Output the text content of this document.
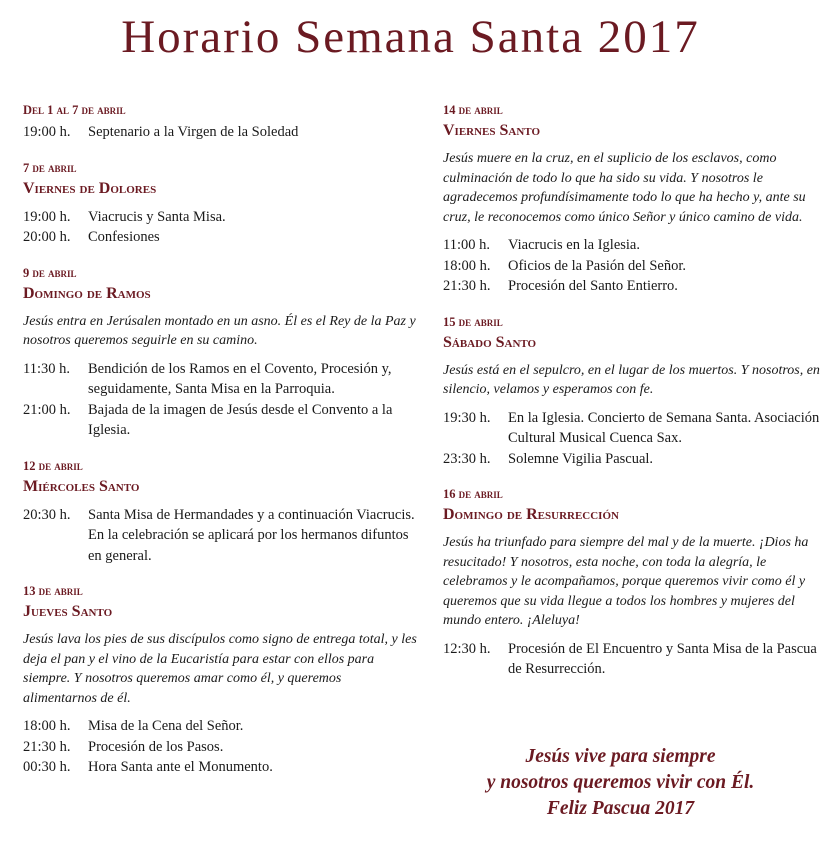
Horario Semana Santa 2017
Del 1 al 7 de abril
19:00 h.	Septenario a la Virgen de la Soledad
7 de abril
Viernes de Dolores
19:00 h.	Viacrucis y Santa Misa.
20:00 h.	Confesiones
9 de abril
Domingo de Ramos

Jesús entra en Jerúsalen montado en un asno. Él es el Rey de la Paz y nosotros queremos seguirle en su camino.

11:30 h.	Bendición de los Ramos en el Covento, Procesión y, seguidamente, Santa Misa en la Parroquia.
21:00 h.	Bajada de la imagen de Jesús desde el Convento a la Iglesia.
12 de abril
Miércoles Santo
20:30 h.	Santa Misa de Hermandades y a continuación Viacrucis. En la celebración se aplicará por los hermanos difuntos en general.
13 de abril
Jueves Santo

Jesús lava los pies de sus discípulos como signo de entrega total, y les deja el pan y el vino de la Eucaristía para estar con ellos para siempre. Y nosotros queremos amar como él, y queremos alimentarnos de él.

18:00 h.	Misa de la Cena del Señor.
21:30 h.	Procesión de los Pasos.
00:30 h.	Hora Santa ante el Monumento.
14 de abril
Viernes Santo

Jesús muere en la cruz, en el suplicio de los esclavos, como culminación de todo lo que ha sido su vida. Y nosotros le agradecemos profundísimamente todo lo que ha hecho y, ante su cruz, le reconocemos como único Señor y único camino de vida.

11:00 h.	Viacrucis en la Iglesia.
18:00 h.	Oficios de la Pasión del Señor.
21:30 h.	Procesión del Santo Entierro.
15 de abril
Sábado Santo

Jesús está en el sepulcro, en el lugar de los muertos. Y nosotros, en silencio, velamos y esperamos con fe.

19:30 h.	En la Iglesia. Concierto de Semana Santa. Asociación Cultural Musical Cuenca Sax.
23:30 h.	Solemne Vigilia Pascual.
16 de abril
Domingo de Resurrección

Jesús ha triunfado para siempre del mal y de la muerte. ¡Dios ha resucitado! Y nosotros, esta noche, con toda la alegría, le celebramos y le acompañamos, porque queremos vivir como él y queremos que su vida llegue a todos los hombres y mujeres del mundo entero. ¡Aleluya!

12:30 h.	Procesión de El Encuentro y Santa Misa de la Pascua de Resurrección.
Jesús vive para siempre
y nosotros queremos vivir con Él.
Feliz Pascua 2017
